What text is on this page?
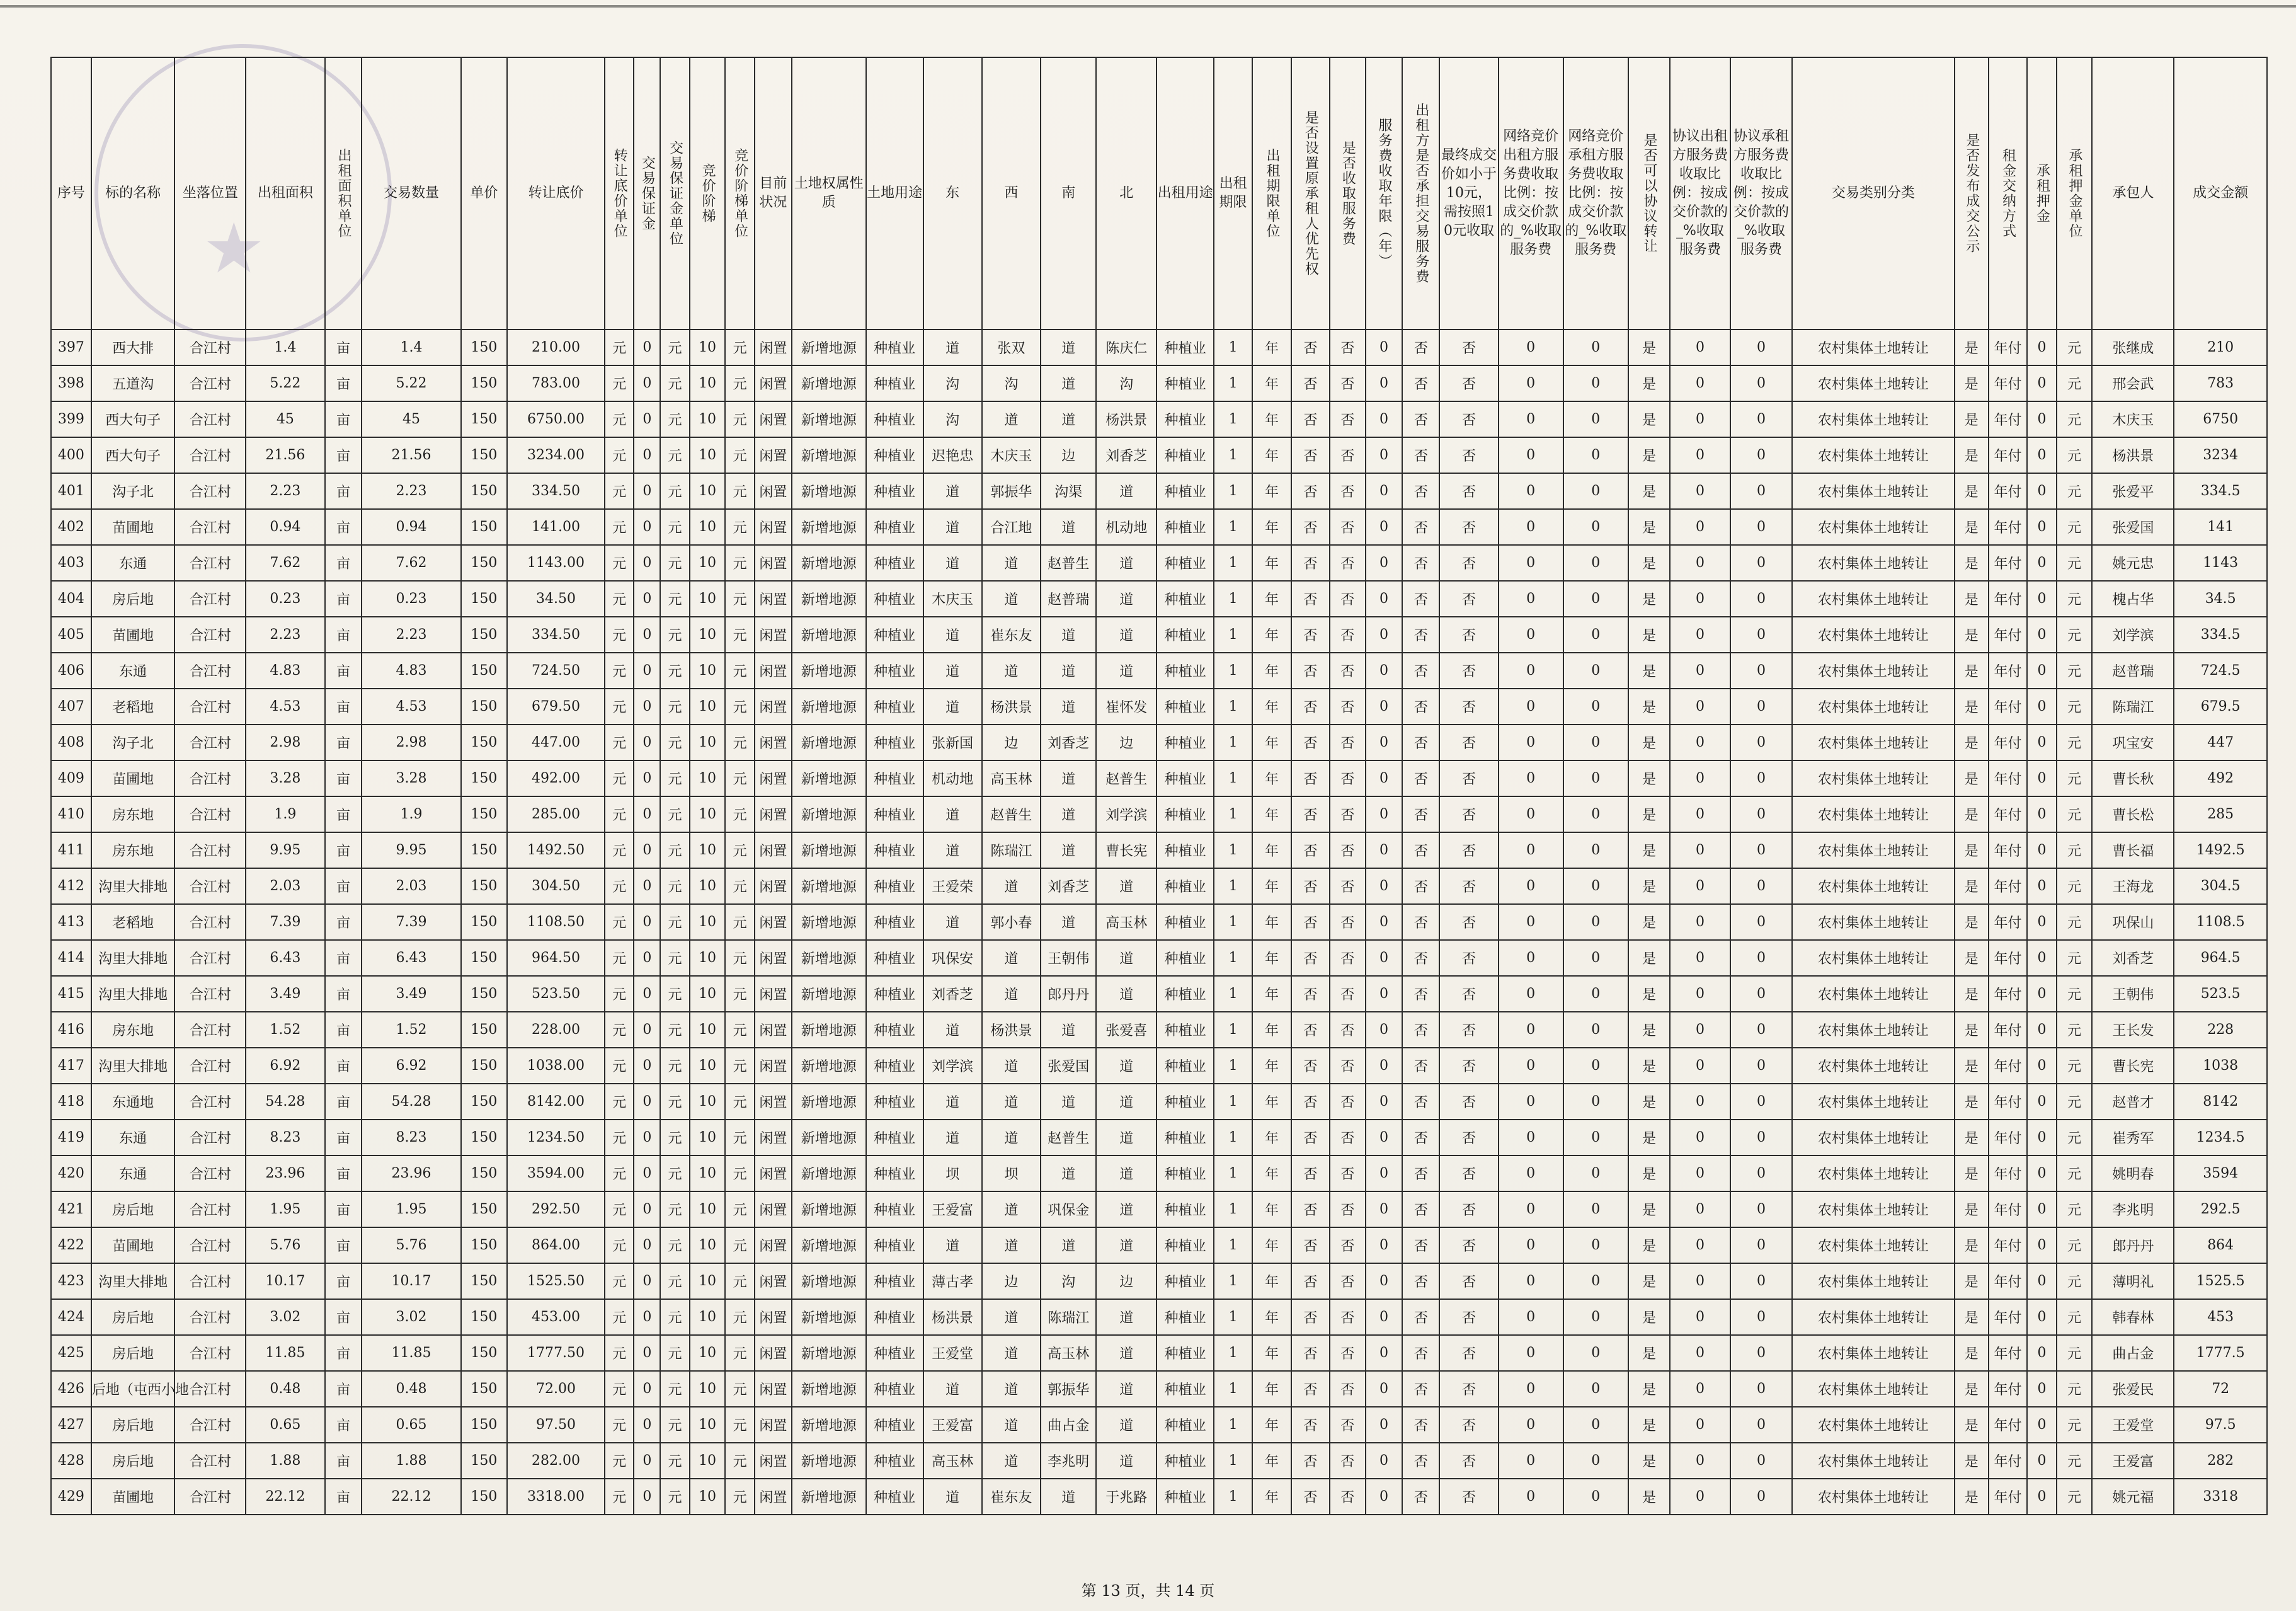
★
序号	标的名称	坐落位置	出租面积	出租面积单位	交易数量	单价	转让底价	转让底价单位	交易保证金	交易保证金单位	竞价阶梯	竞价阶梯单位	目前状况	土地权属性质	土地用途	东	西	南	北	出租用途	出租期限	出租期限单位	是否设置原承租人优先权	是否收取服务费	服务费收取年限（年）	出租方是否承担交易服务费	最终成交价如小于10元，需按照10元收取	网络竞价出租方服务费收取比例：按成交价款的_%收取服务费	网络竞价承租方服务费收取比例：按成交价款的_%收取服务费	是否可以协议转让	协议出租方服务费收取比例：按成交价款的_%收取服务费	协议承租方服务费收取比例：按成交价款的_%收取服务费	交易类别分类	是否发布成交公示	租金交纳方式	承租押金	承租押金单位	承包人	成交金额
397	西大排	合江村	1.4	亩	1.4	150	210.00	元	0	元	10	元	闲置	新增地源	种植业	道	张双	道	陈庆仁	种植业	1	年	否	否	0	否	否	0	0	是	0	0	农村集体土地转让	是	年付	0	元	张继成	210
398	五道沟	合江村	5.22	亩	5.22	150	783.00	元	0	元	10	元	闲置	新增地源	种植业	沟	沟	道	沟	种植业	1	年	否	否	0	否	否	0	0	是	0	0	农村集体土地转让	是	年付	0	元	邢会武	783
399	西大句子	合江村	45	亩	45	150	6750.00	元	0	元	10	元	闲置	新增地源	种植业	沟	道	道	杨洪景	种植业	1	年	否	否	0	否	否	0	0	是	0	0	农村集体土地转让	是	年付	0	元	木庆玉	6750
400	西大句子	合江村	21.56	亩	21.56	150	3234.00	元	0	元	10	元	闲置	新增地源	种植业	迟艳忠	木庆玉	边	刘香芝	种植业	1	年	否	否	0	否	否	0	0	是	0	0	农村集体土地转让	是	年付	0	元	杨洪景	3234
401	沟子北	合江村	2.23	亩	2.23	150	334.50	元	0	元	10	元	闲置	新增地源	种植业	道	郭振华	沟渠	道	种植业	1	年	否	否	0	否	否	0	0	是	0	0	农村集体土地转让	是	年付	0	元	张爱平	334.5
402	苗圃地	合江村	0.94	亩	0.94	150	141.00	元	0	元	10	元	闲置	新增地源	种植业	道	合江地	道	机动地	种植业	1	年	否	否	0	否	否	0	0	是	0	0	农村集体土地转让	是	年付	0	元	张爱国	141
403	东通	合江村	7.62	亩	7.62	150	1143.00	元	0	元	10	元	闲置	新增地源	种植业	道	道	赵普生	道	种植业	1	年	否	否	0	否	否	0	0	是	0	0	农村集体土地转让	是	年付	0	元	姚元忠	1143
404	房后地	合江村	0.23	亩	0.23	150	34.50	元	0	元	10	元	闲置	新增地源	种植业	木庆玉	道	赵普瑞	道	种植业	1	年	否	否	0	否	否	0	0	是	0	0	农村集体土地转让	是	年付	0	元	槐占华	34.5
405	苗圃地	合江村	2.23	亩	2.23	150	334.50	元	0	元	10	元	闲置	新增地源	种植业	道	崔东友	道	道	种植业	1	年	否	否	0	否	否	0	0	是	0	0	农村集体土地转让	是	年付	0	元	刘学滨	334.5
406	东通	合江村	4.83	亩	4.83	150	724.50	元	0	元	10	元	闲置	新增地源	种植业	道	道	道	道	种植业	1	年	否	否	0	否	否	0	0	是	0	0	农村集体土地转让	是	年付	0	元	赵普瑞	724.5
407	老稻地	合江村	4.53	亩	4.53	150	679.50	元	0	元	10	元	闲置	新增地源	种植业	道	杨洪景	道	崔怀发	种植业	1	年	否	否	0	否	否	0	0	是	0	0	农村集体土地转让	是	年付	0	元	陈瑞江	679.5
408	沟子北	合江村	2.98	亩	2.98	150	447.00	元	0	元	10	元	闲置	新增地源	种植业	张新国	边	刘香芝	边	种植业	1	年	否	否	0	否	否	0	0	是	0	0	农村集体土地转让	是	年付	0	元	巩宝安	447
409	苗圃地	合江村	3.28	亩	3.28	150	492.00	元	0	元	10	元	闲置	新增地源	种植业	机动地	高玉林	道	赵普生	种植业	1	年	否	否	0	否	否	0	0	是	0	0	农村集体土地转让	是	年付	0	元	曹长秋	492
410	房东地	合江村	1.9	亩	1.9	150	285.00	元	0	元	10	元	闲置	新增地源	种植业	道	赵普生	道	刘学滨	种植业	1	年	否	否	0	否	否	0	0	是	0	0	农村集体土地转让	是	年付	0	元	曹长松	285
411	房东地	合江村	9.95	亩	9.95	150	1492.50	元	0	元	10	元	闲置	新增地源	种植业	道	陈瑞江	道	曹长宪	种植业	1	年	否	否	0	否	否	0	0	是	0	0	农村集体土地转让	是	年付	0	元	曹长福	1492.5
412	沟里大排地	合江村	2.03	亩	2.03	150	304.50	元	0	元	10	元	闲置	新增地源	种植业	王爱荣	道	刘香芝	道	种植业	1	年	否	否	0	否	否	0	0	是	0	0	农村集体土地转让	是	年付	0	元	王海龙	304.5
413	老稻地	合江村	7.39	亩	7.39	150	1108.50	元	0	元	10	元	闲置	新增地源	种植业	道	郭小春	道	高玉林	种植业	1	年	否	否	0	否	否	0	0	是	0	0	农村集体土地转让	是	年付	0	元	巩保山	1108.5
414	沟里大排地	合江村	6.43	亩	6.43	150	964.50	元	0	元	10	元	闲置	新增地源	种植业	巩保安	道	王朝伟	道	种植业	1	年	否	否	0	否	否	0	0	是	0	0	农村集体土地转让	是	年付	0	元	刘香芝	964.5
415	沟里大排地	合江村	3.49	亩	3.49	150	523.50	元	0	元	10	元	闲置	新增地源	种植业	刘香芝	道	郎丹丹	道	种植业	1	年	否	否	0	否	否	0	0	是	0	0	农村集体土地转让	是	年付	0	元	王朝伟	523.5
416	房东地	合江村	1.52	亩	1.52	150	228.00	元	0	元	10	元	闲置	新增地源	种植业	道	杨洪景	道	张爱喜	种植业	1	年	否	否	0	否	否	0	0	是	0	0	农村集体土地转让	是	年付	0	元	王长发	228
417	沟里大排地	合江村	6.92	亩	6.92	150	1038.00	元	0	元	10	元	闲置	新增地源	种植业	刘学滨	道	张爱国	道	种植业	1	年	否	否	0	否	否	0	0	是	0	0	农村集体土地转让	是	年付	0	元	曹长宪	1038
418	东通地	合江村	54.28	亩	54.28	150	8142.00	元	0	元	10	元	闲置	新增地源	种植业	道	道	道	道	种植业	1	年	否	否	0	否	否	0	0	是	0	0	农村集体土地转让	是	年付	0	元	赵普才	8142
419	东通	合江村	8.23	亩	8.23	150	1234.50	元	0	元	10	元	闲置	新增地源	种植业	道	道	赵普生	道	种植业	1	年	否	否	0	否	否	0	0	是	0	0	农村集体土地转让	是	年付	0	元	崔秀军	1234.5
420	东通	合江村	23.96	亩	23.96	150	3594.00	元	0	元	10	元	闲置	新增地源	种植业	坝	坝	道	道	种植业	1	年	否	否	0	否	否	0	0	是	0	0	农村集体土地转让	是	年付	0	元	姚明春	3594
421	房后地	合江村	1.95	亩	1.95	150	292.50	元	0	元	10	元	闲置	新增地源	种植业	王爱富	道	巩保金	道	种植业	1	年	否	否	0	否	否	0	0	是	0	0	农村集体土地转让	是	年付	0	元	李兆明	292.5
422	苗圃地	合江村	5.76	亩	5.76	150	864.00	元	0	元	10	元	闲置	新增地源	种植业	道	道	道	道	种植业	1	年	否	否	0	否	否	0	0	是	0	0	农村集体土地转让	是	年付	0	元	郎丹丹	864
423	沟里大排地	合江村	10.17	亩	10.17	150	1525.50	元	0	元	10	元	闲置	新增地源	种植业	薄古孝	边	沟	边	种植业	1	年	否	否	0	否	否	0	0	是	0	0	农村集体土地转让	是	年付	0	元	薄明礼	1525.5
424	房后地	合江村	3.02	亩	3.02	150	453.00	元	0	元	10	元	闲置	新增地源	种植业	杨洪景	道	陈瑞江	道	种植业	1	年	否	否	0	否	否	0	0	是	0	0	农村集体土地转让	是	年付	0	元	韩春林	453
425	房后地	合江村	11.85	亩	11.85	150	1777.50	元	0	元	10	元	闲置	新增地源	种植业	王爱堂	道	高玉林	道	种植业	1	年	否	否	0	否	否	0	0	是	0	0	农村集体土地转让	是	年付	0	元	曲占金	1777.5
426	后地（屯西小地	合江村	0.48	亩	0.48	150	72.00	元	0	元	10	元	闲置	新增地源	种植业	道	道	郭振华	道	种植业	1	年	否	否	0	否	否	0	0	是	0	0	农村集体土地转让	是	年付	0	元	张爱民	72
427	房后地	合江村	0.65	亩	0.65	150	97.50	元	0	元	10	元	闲置	新增地源	种植业	王爱富	道	曲占金	道	种植业	1	年	否	否	0	否	否	0	0	是	0	0	农村集体土地转让	是	年付	0	元	王爱堂	97.5
428	房后地	合江村	1.88	亩	1.88	150	282.00	元	0	元	10	元	闲置	新增地源	种植业	高玉林	道	李兆明	道	种植业	1	年	否	否	0	否	否	0	0	是	0	0	农村集体土地转让	是	年付	0	元	王爱富	282
429	苗圃地	合江村	22.12	亩	22.12	150	3318.00	元	0	元	10	元	闲置	新增地源	种植业	道	崔东友	道	于兆路	种植业	1	年	否	否	0	否	否	0	0	是	0	0	农村集体土地转让	是	年付	0	元	姚元福	3318
第 13 页，共 14 页
